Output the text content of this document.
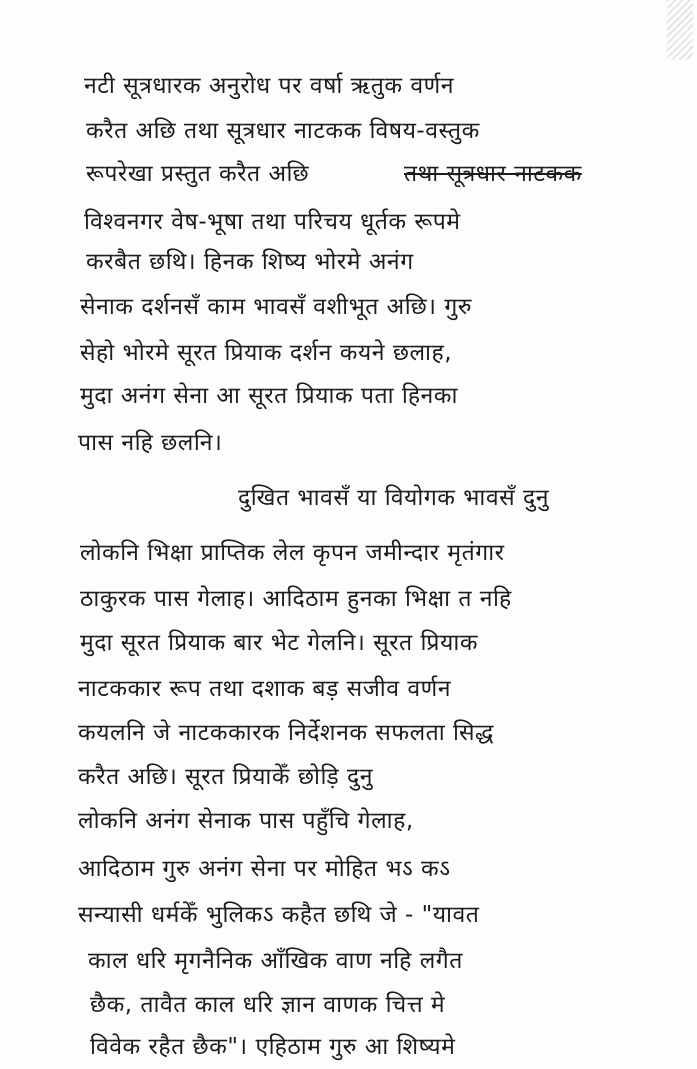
नटी सूत्रधारक अनुरोध पर वर्षा ऋतुक वर्णन
करैत अछि तथा सूत्रधार नाटकक विषय-वस्तुक
रूपरेखा प्रस्तुत करैत अछि	तथा सूत्रधार नाटकक
विश्वनगर वेष-भूषा तथा परिचय धूर्तक रूपमे
करबैत छथि। हिनक शिष्य भोरमे अनंग
सेनाक दर्शनसँ काम भावसँ वशीभूत अछि। गुरु
सेहो भोरमे सूरत प्रियाक दर्शन कयने छलाह,
मुदा अनंग सेना आ सूरत प्रियाक पता हिनका
पास नहि छलनि।
दुखित भावसँ या वियोगक भावसँ दुनु
लोकनि भिक्षा प्राप्तिक लेल कृपन जमीन्दार मृतंगार
ठाकुरक पास गेलाह। आदिठाम हुनका भिक्षा त नहि
मुदा सूरत प्रियाक बार भेट गेलनि। सूरत प्रियाक
नाटककार रूप तथा दशाक बड़ सजीव वर्णन
कयलनि जे नाटककारक निर्देशनक सफलता सिद्ध
करैत अछि। सूरत प्रियाकेँ छोड़ि दुनु
लोकनि अनंग सेनाक पास पहुँचि गेलाह,
आदिठाम गुरु अनंग सेना पर मोहित भऽ कऽ
सन्यासी धर्मकेँ भुलिकऽ कहैत छथि जे - "यावत
काल धरि मृगनैनिक आँखिक वाण नहि लगैत
छैक, तावैत काल धरि ज्ञान वाणक चित्त मे
विवेक रहैत छैक"। एहिठाम गुरु आ शिष्यमे
